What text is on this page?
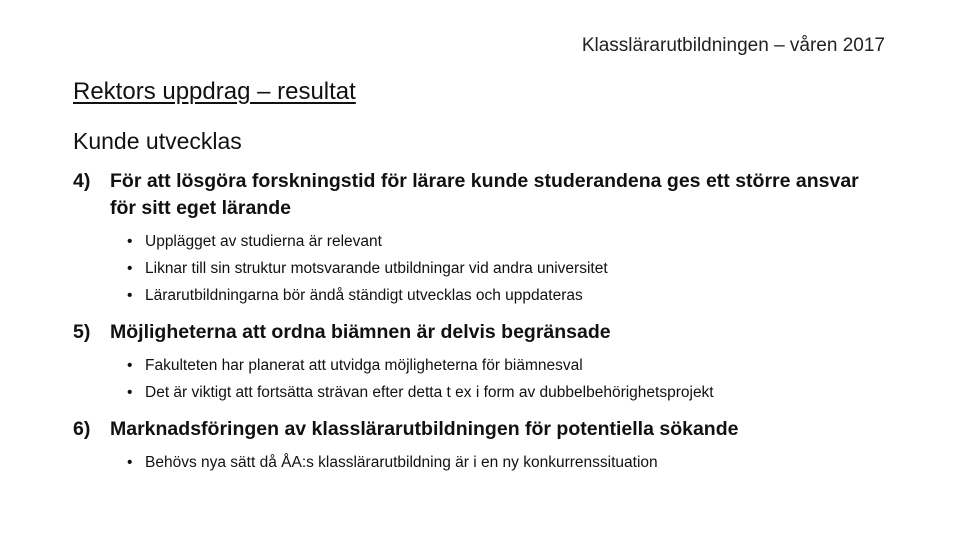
Klasslärarutbildningen – våren 2017
Rektors uppdrag – resultat
Kunde utvecklas
4)	För att lösgöra forskningstid för lärare kunde studerandena ges ett större ansvar för sitt eget lärande
• Upplägget av studierna är relevant
• Liknar till sin struktur motsvarande utbildningar vid andra universitet
• Lärarutbildningarna bör ändå ständigt utvecklas och uppdateras
5)	Möjligheterna att ordna biämnen är delvis begränsade
• Fakulteten har planerat att utvidga möjligheterna för biämnesval
• Det är viktigt att fortsätta strävan efter detta t ex i form av dubbelbehörighetsprojekt
6)	Marknadsföringen av klasslärarutbildningen för potentiella sökande
• Behövs nya sätt då ÅA:s klasslärarutbildning är i en ny konkurrenssituation
